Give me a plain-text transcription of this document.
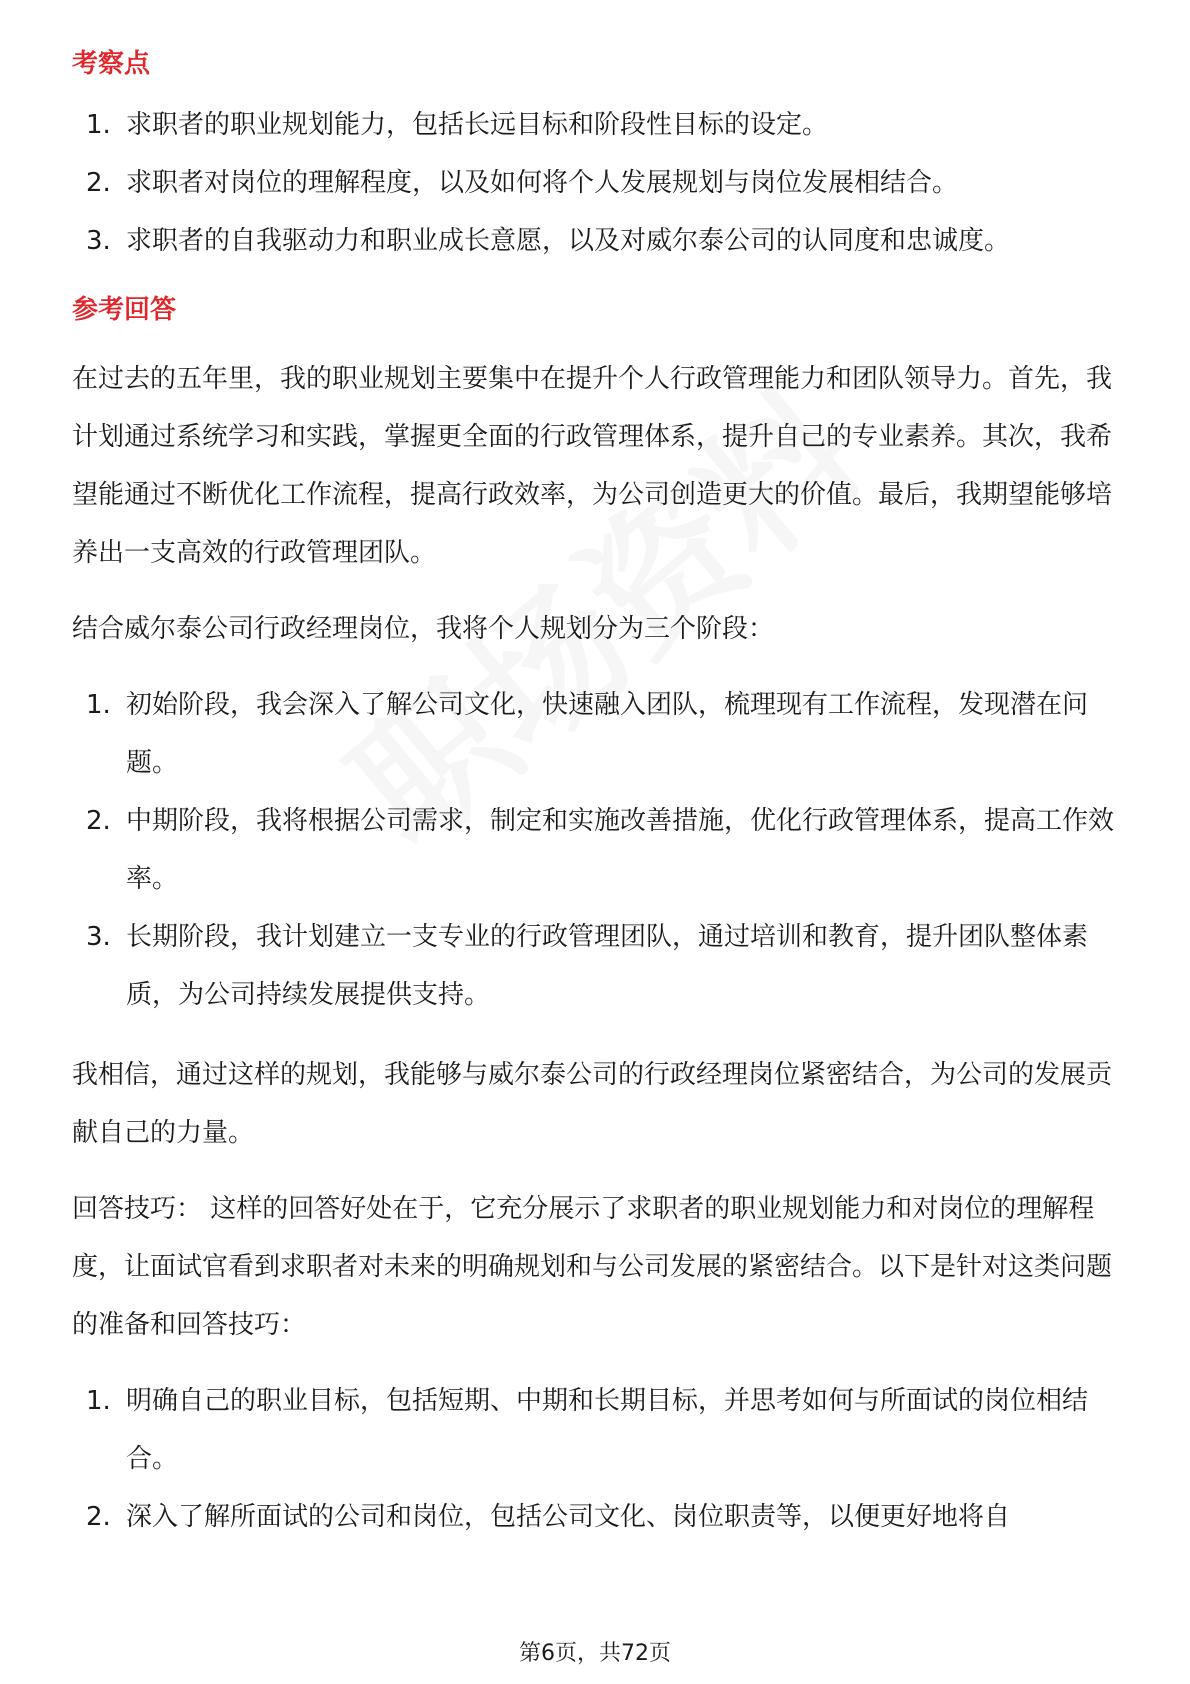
考察点
1. 求职者的职业规划能力，包括长远目标和阶段性目标的设定。
2. 求职者对岗位的理解程度，以及如何将个人发展规划与岗位发展相结合。
3. 求职者的自我驱动力和职业成长意愿，以及对威尔泰公司的认同度和忠诚度。
参考回答

在过去的五年里，我的职业规划主要集中在提升个人行政管理能力和团队领导力。首先，我计划通过系统学习和实践，掌握更全面的行政管理体系，提升自己的专业素养。其次，我希望能通过不断优化工作流程，提高行政效率，为公司创造更大的价值。最后，我期望能够培养出一支高效的行政管理团队。

结合威尔泰公司行政经理岗位，我将个人规划分为三个阶段：

1. 初始阶段，我会深入了解公司文化，快速融入团队，梳理现有工作流程，发现潜在问题。
2. 中期阶段，我将根据公司需求，制定和实施改善措施，优化行政管理体系，提高工作效率。
3. 长期阶段，我计划建立一支专业的行政管理团队，通过培训和教育，提升团队整体素质，为公司持续发展提供支持。

我相信，通过这样的规划，我能够与威尔泰公司的行政经理岗位紧密结合，为公司的发展贡献自己的力量。

回答技巧： 这样的回答好处在于，它充分展示了求职者的职业规划能力和对岗位的理解程度，让面试官看到求职者对未来的明确规划和与公司发展的紧密结合。以下是针对这类问题的准备和回答技巧：

1. 明确自己的职业目标，包括短期、中期和长期目标，并思考如何与所面试的岗位相结合。
2. 深入了解所面试的公司和岗位，包括公司文化、岗位职责等，以便更好地将自
第6页，共72页
